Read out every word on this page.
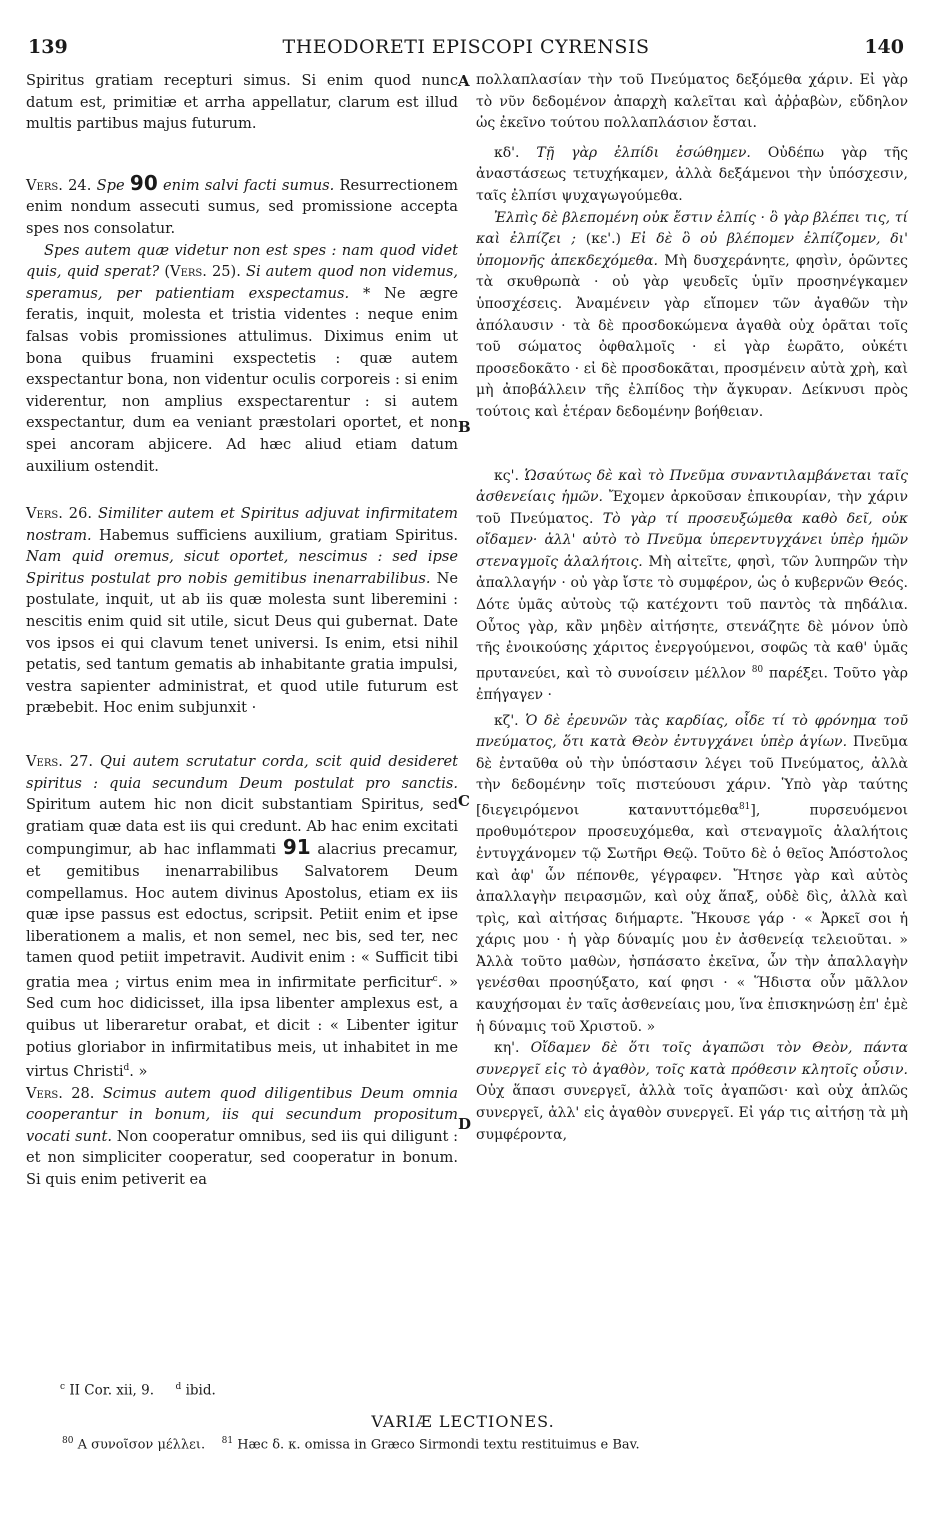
139	THEODORETI EPISCOPI CYRENSIS	140
A
B
C
D

Spiritus gratiam recepturi simus. Si enim quod nunc datum est, primitiæ et arrha appellatur, clarum est illud multis partibus majus futurum.

Vers. 24. Spe 90 enim salvi facti sumus. Resurrectionem enim nondum assecuti sumus, sed promissione accepta spes nos consolatur.

Spes autem quæ videtur non est spes : nam quod videt quis, quid sperat? (Vers. 25). Si autem quod non videmus, speramus, per patientiam exspectamus. * Ne ægre feratis, inquit, molesta et tristia videntes : neque enim falsas vobis promissiones attulimus. Diximus enim ut bona quibus fruamini exspectetis : quæ autem exspectantur bona, non videntur oculis corporeis : si enim viderentur, non amplius exspectarentur : si autem exspectantur, dum ea veniant præstolari oportet, et non spei ancoram abjicere. Ad hæc aliud etiam datum auxilium ostendit.

Vers. 26. Similiter autem et Spiritus adjuvat infirmitatem nostram. Habemus sufficiens auxilium, gratiam Spiritus. Nam quid oremus, sicut oportet, nescimus : sed ipse Spiritus postulat pro nobis gemitibus inenarrabilibus. Ne postulate, inquit, ut ab iis quæ molesta sunt liberemini : nescitis enim quid sit utile, sicut Deus qui gubernat. Date vos ipsos ei qui clavum tenet universi. Is enim, etsi nihil petatis, sed tantum gematis ab inhabitante gratia impulsi, vestra sapienter administrat, et quod utile futurum est præbebit. Hoc enim subjunxit ·

Vers. 27. Qui autem scrutatur corda, scit quid desideret spiritus : quia secundum Deum postulat pro sanctis. Spiritum autem hic non dicit substantiam Spiritus, sed gratiam quæ data est iis qui credunt. Ab hac enim excitati compungimur, ab hac inflammati 91 alacrius precamur, et gemitibus inenarrabilibus Salvatorem Deum compellamus. Hoc autem divinus Apostolus, etiam ex iis quæ ipse passus est edoctus, scripsit. Petiit enim et ipse liberationem a malis, et non semel, nec bis, sed ter, nec tamen quod petiit impetravit. Audivit enim : « Sufficit tibi gratia mea ; virtus enim mea in infirmitate perficitur$^c$. » Sed cum hoc didicisset, illa ipsa libenter amplexus est, a quibus ut liberaretur orabat, et dicit : « Libenter igitur potius gloriabor in infirmitatibus meis, ut inhabitet in me virtus Christi$^d$. »

Vers. 28. Scimus autem quod diligentibus Deum omnia cooperantur in bonum, iis qui secundum propositum vocati sunt. Non cooperatur omnibus, sed iis qui diligunt : et non simpliciter cooperatur, sed cooperatur in bonum. Si quis enim petiverit ea

πολλαπλασίαν τὴν τοῦ Πνεύματος δεξόμεθα χάριν. Εἰ γὰρ τὸ νῦν δεδομένον ἀπαρχὴ καλεῖται καὶ ἀῤῥαβὼν, εὔδηλον ὡς ἐκεῖνο τούτου πολλαπλάσιον ἔσται.

κδ'. Τῇ γὰρ ἐλπίδι ἐσώθημεν. Οὐδέπω γὰρ τῆς ἀναστάσεως τετυχήκαμεν, ἀλλὰ δεξάμενοι τὴν ὑπόσχεσιν, ταῖς ἐλπίσι ψυχαγωγούμεθα.

Ἐλπὶς δὲ βλεπομένη οὐκ ἔστιν ἐλπίς · ὃ γὰρ βλέπει τις, τί καὶ ἐλπίζει ; (κε'.) Εἰ δὲ ὃ οὐ βλέπομεν ἐλπίζομεν, δι' ὑπομονῆς ἀπεκδεχόμεθα. Μὴ δυσχεράνητε, φησὶν, ὁρῶντες τὰ σκυθρωπὰ · οὐ γὰρ ψευδεῖς ὑμῖν προσηνέγκαμεν ὑποσχέσεις. Ἀναμένειν γὰρ εἴπομεν τῶν ἀγαθῶν τὴν ἀπόλαυσιν · τὰ δὲ προσδοκώμενα ἀγαθὰ οὐχ ὁρᾶται τοῖς τοῦ σώματος ὀφθαλμοῖς · εἰ γὰρ ἑωρᾶτο, οὐκέτι προσεδοκᾶτο · εἰ δὲ προσδοκᾶται, προσμένειν αὐτὰ χρὴ, καὶ μὴ ἀποβάλλειν τῆς ἐλπίδος τὴν ἄγκυραν. Δείκνυσι πρὸς τούτοις καὶ ἑτέραν δεδομένην βοήθειαν.

κς'. Ὡσαύτως δὲ καὶ τὸ Πνεῦμα συναντιλαμβάνεται ταῖς ἀσθενείαις ἡμῶν. Ἔχομεν ἀρκοῦσαν ἐπικουρίαν, τὴν χάριν τοῦ Πνεύματος. Τὸ γὰρ τί προσευξώμεθα καθὸ δεῖ, οὐκ οἴδαμεν· ἀλλ' αὐτὸ τὸ Πνεῦμα ὑπερεντυγχάνει ὑπὲρ ἡμῶν στεναγμοῖς ἀλαλήτοις. Μὴ αἰτεῖτε, φησὶ, τῶν λυπηρῶν τὴν ἀπαλλαγήν · οὐ γὰρ ἴστε τὸ συμφέρον, ὡς ὁ κυβερνῶν Θεός. Δότε ὑμᾶς αὐτοὺς τῷ κατέχοντι τοῦ παντὸς τὰ πηδάλια. Οὗτος γὰρ, κἂν μηδὲν αἰτήσητε, στενάζητε δὲ μόνον ὑπὸ τῆς ἐνοικούσης χάριτος ἐνεργούμενοι, σοφῶς τὰ καθ' ὑμᾶς πρυτανεύει, καὶ τὸ συνοίσειν μέλλον $^{80}$ παρέξει. Τοῦτο γὰρ ἐπήγαγεν ·

κζ'. Ὁ δὲ ἐρευνῶν τὰς καρδίας, οἶδε τί τὸ φρόνημα τοῦ πνεύματος, ὅτι κατὰ Θεὸν ἐντυγχάνει ὑπὲρ ἁγίων. Πνεῦμα δὲ ἐνταῦθα οὐ τὴν ὑπόστασιν λέγει τοῦ Πνεύματος, ἀλλὰ τὴν δεδομένην τοῖς πιστεύουσι χάριν. Ὑπὸ γὰρ ταύτης [διεγειρόμενοι κατανυττόμεθα$^{81}$], πυρσευόμενοι προθυμότερον προσευχόμεθα, καὶ στεναγμοῖς ἀλαλήτοις ἐντυγχάνομεν τῷ Σωτῆρι Θεῷ. Τοῦτο δὲ ὁ θεῖος Ἀπόστολος καὶ ἀφ' ὧν πέπονθε, γέγραφεν. Ἤτησε γὰρ καὶ αὐτὸς ἀπαλλαγὴν πειρασμῶν, καὶ οὐχ ἅπαξ, οὐδὲ δὶς, ἀλλὰ καὶ τρὶς, καὶ αἰτήσας διήμαρτε. Ἤκουσε γάρ · « Ἀρκεῖ σοι ἡ χάρις μου · ἡ γὰρ δύναμίς μου ἐν ἀσθενείᾳ τελειοῦται. » Ἀλλὰ τοῦτο μαθὼν, ἠσπάσατο ἐκεῖνα, ὧν τὴν ἀπαλλαγὴν γενέσθαι προσηύξατο, καί φησι · « Ἥδιστα οὖν μᾶλλον καυχήσομαι ἐν ταῖς ἀσθενείαις μου, ἵνα ἐπισκηνώσῃ ἐπ' ἐμὲ ἡ δύναμις τοῦ Χριστοῦ. »

κη'. Οἴδαμεν δὲ ὅτι τοῖς ἀγαπῶσι τὸν Θεὸν, πάντα συνεργεῖ εἰς τὸ ἀγαθὸν, τοῖς κατὰ πρόθεσιν κλητοῖς οὖσιν. Οὐχ ἅπασι συνεργεῖ, ἀλλὰ τοῖς ἀγαπῶσι· καὶ οὐχ ἁπλῶς συνεργεῖ, ἀλλ' εἰς ἀγαθὸν συνεργεῖ. Εἰ γάρ τις αἰτήσῃ τὰ μὴ συμφέροντα,

$^c$ II Cor. xii, 9. $^d$ ibid.
VARIÆ LECTIONES.
$^{80}$ Α συνοῖσον μέλλει. $^{81}$ Hæc δ. κ. omissa in Græco Sirmondi textu restituimus e Bav.
